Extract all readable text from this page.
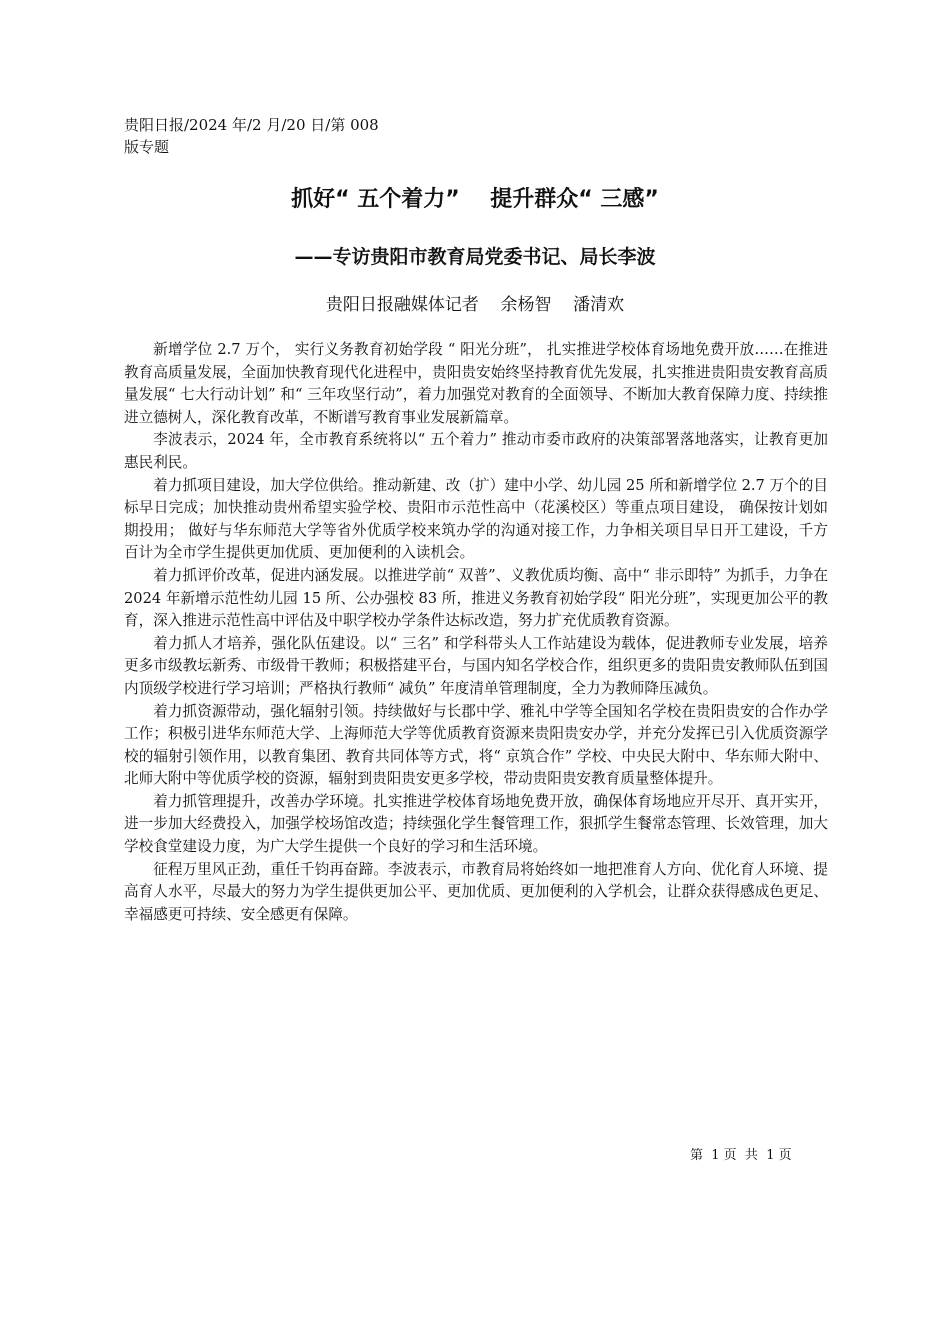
贵阳日报/2024 年/2 月/20 日/第 008 版专题
抓好“ 五个着力”    提升群众“ 三感”
——专访贵阳市教育局党委书记、局长李波
贵阳日报融媒体记者    余杨智    潘清欢

新增学位 2.7 万个， 实行义务教育初始学段 “ 阳光分班”， 扎实推进学校体育场地免费开放……在推进教育高质量发展，全面加快教育现代化进程中，贵阳贵安始终坚持教育优先发展，扎实推进贵阳贵安教育高质量发展“ 七大行动计划” 和“ 三年攻坚行动”，着力加强党对教育的全面领导、不断加大教育保障力度、持续推进立德树人，深化教育改革，不断谱写教育事业发展新篇章。

李波表示，2024 年，全市教育系统将以“ 五个着力” 推动市委市政府的决策部署落地落实，让教育更加惠民利民。

着力抓项目建设，加大学位供给。推动新建、改（扩）建中小学、幼儿园 25 所和新增学位 2.7 万个的目标早日完成；加快推动贵州希望实验学校、贵阳市示范性高中（花溪校区）等重点项目建设， 确保按计划如期投用； 做好与华东师范大学等省外优质学校来筑办学的沟通对接工作，力争相关项目早日开工建设，千方百计为全市学生提供更加优质、更加便利的入读机会。

着力抓评价改革，促进内涵发展。以推进学前“ 双普”、义教优质均衡、高中“ 非示即特” 为抓手，力争在 2024 年新增示范性幼儿园 15 所、公办强校 83 所，推进义务教育初始学段“ 阳光分班”，实现更加公平的教育，深入推进示范性高中评估及中职学校办学条件达标改造，努力扩充优质教育资源。

着力抓人才培养，强化队伍建设。以“ 三名” 和学科带头人工作站建设为载体，促进教师专业发展，培养更多市级教坛新秀、市级骨干教师；积极搭建平台，与国内知名学校合作，组织更多的贵阳贵安教师队伍到国内顶级学校进行学习培训；严格执行教师“ 减负” 年度清单管理制度，全力为教师降压减负。

着力抓资源带动，强化辐射引领。持续做好与长郡中学、雅礼中学等全国知名学校在贵阳贵安的合作办学工作；积极引进华东师范大学、上海师范大学等优质教育资源来贵阳贵安办学，并充分发挥已引入优质资源学校的辐射引领作用，以教育集团、教育共同体等方式，将“ 京筑合作” 学校、中央民大附中、华东师大附中、北师大附中等优质学校的资源，辐射到贵阳贵安更多学校，带动贵阳贵安教育质量整体提升。

着力抓管理提升，改善办学环境。扎实推进学校体育场地免费开放，确保体育场地应开尽开、真开实开，进一步加大经费投入，加强学校场馆改造；持续强化学生餐管理工作，狠抓学生餐常态管理、长效管理，加大学校食堂建设力度，为广大学生提供一个良好的学习和生活环境。

征程万里风正劲，重任千钧再奋蹄。李波表示，市教育局将始终如一地把准育人方向、优化育人环境、提高育人水平，尽最大的努力为学生提供更加公平、更加优质、更加便利的入学机会，让群众获得感成色更足、幸福感更可持续、安全感更有保障。

第  1 页  共  1 页
